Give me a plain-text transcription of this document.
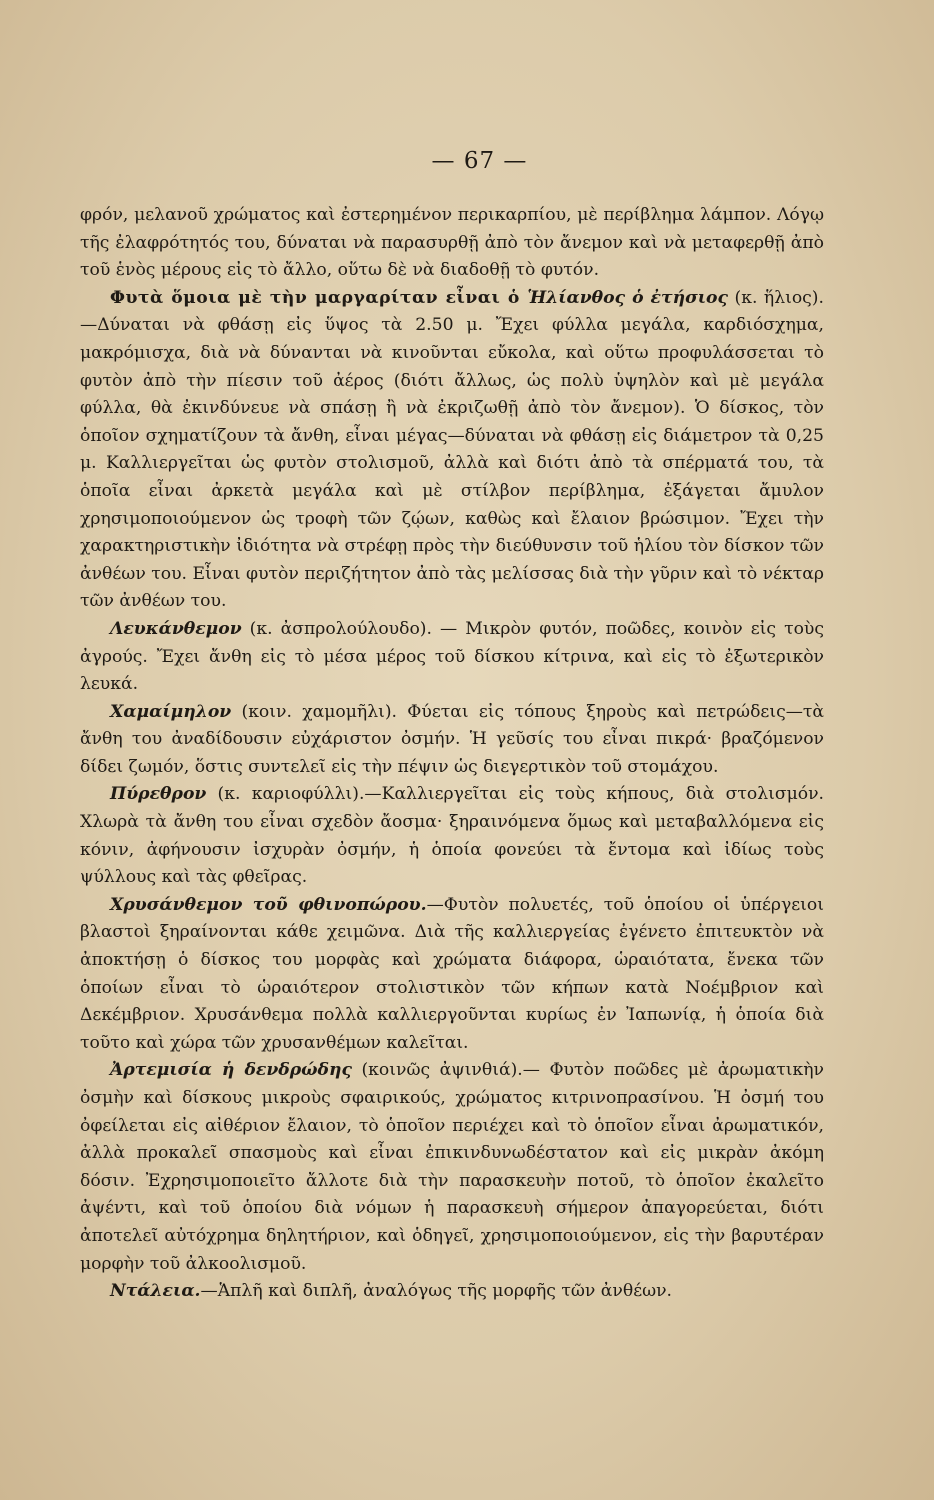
— 67 —

φρόν, μελανοῦ χρώματος καὶ ἐστερημένον περικαρπίου, μὲ περίβλημα λάμπον. Λόγῳ τῆς ἐλαφρότητός του, δύναται νὰ παρασυρθῇ ἀπὸ τὸν ἄνεμον καὶ νὰ μεταφερθῇ ἀπὸ τοῦ ἑνὸς μέρους εἰς τὸ ἄλλο, οὕτω δὲ νὰ διαδοθῇ τὸ φυτόν.

Φυτὰ ὅμοια μὲ τὴν μαργαρίταν εἶναι ὁ Ἡλίανθος ὁ ἐτήσιος (κ. ἥλιος).—Δύναται νὰ φθάσῃ εἰς ὕψος τὰ 2.50 μ. Ἔχει φύλλα μεγάλα, καρδιόσχημα, μακρόμισχα, διὰ νὰ δύνανται νὰ κινοῦνται εὔκολα, καὶ οὕτω προφυλάσσεται τὸ φυτὸν ἀπὸ τὴν πίεσιν τοῦ ἀέρος (διότι ἄλλως, ὡς πολὺ ὑψηλὸν καὶ μὲ μεγάλα φύλλα, θὰ ἐκινδύνευε νὰ σπάσῃ ἢ νὰ ἐκριζωθῇ ἀπὸ τὸν ἄνεμον). Ὁ δίσκος, τὸν ὁποῖον σχηματίζουν τὰ ἄνθη, εἶναι μέγας—δύναται νὰ φθάσῃ εἰς διάμετρον τὰ 0,25 μ. Καλλιεργεῖται ὡς φυτὸν στολισμοῦ, ἀλλὰ καὶ διότι ἀπὸ τὰ σπέρματά του, τὰ ὁποῖα εἶναι ἀρκετὰ μεγάλα καὶ μὲ στίλβον περίβλημα, ἐξάγεται ἄμυλον χρησιμοποιούμενον ὡς τροφὴ τῶν ζῴων, καθὼς καὶ ἔλαιον βρώσιμον. Ἔχει τὴν χαρακτηριστικὴν ἰδιότητα νὰ στρέφῃ πρὸς τὴν διεύθυνσιν τοῦ ἡλίου τὸν δίσκον τῶν ἀνθέων του. Εἶναι φυτὸν περιζήτητον ἀπὸ τὰς μελίσσας διὰ τὴν γῦριν καὶ τὸ νέκταρ τῶν ἀνθέων του.

Λευκάνθεμον (κ. ἀσπρολούλουδο). — Μικρὸν φυτόν, ποῶδες, κοινὸν εἰς τοὺς ἀγρούς. Ἔχει ἄνθη εἰς τὸ μέσα μέρος τοῦ δίσκου κίτρινα, καὶ εἰς τὸ ἐξωτερικὸν λευκά.

Χαμαίμηλον (κοιν. χαμομῆλι). Φύεται εἰς τόπους ξηροὺς καὶ πετρώδεις—τὰ ἄνθη του ἀναδίδουσιν εὐχάριστον ὀσμήν. Ἡ γεῦσίς του εἶναι πικρά· βραζόμενον δίδει ζωμόν, ὅστις συντελεῖ εἰς τὴν πέψιν ὡς διεγερτικὸν τοῦ στομάχου.

Πύρεθρον (κ. καριοφύλλι).—Καλλιεργεῖται εἰς τοὺς κήπους, διὰ στολισμόν. Χλωρὰ τὰ ἄνθη του εἶναι σχεδὸν ἄοσμα· ξηραινόμενα ὅμως καὶ μεταβαλλόμενα εἰς κόνιν, ἀφήνουσιν ἰσχυρὰν ὀσμήν, ἡ ὁποία φονεύει τὰ ἔντομα καὶ ἰδίως τοὺς ψύλλους καὶ τὰς φθεῖρας.

Χρυσάνθεμον τοῦ φθινοπώρου.—Φυτὸν πολυετές, τοῦ ὁποίου οἱ ὑπέργειοι βλαστοὶ ξηραίνονται κάθε χειμῶνα. Διὰ τῆς καλλιεργείας ἐγένετο ἐπιτευκτὸν νὰ ἀποκτήσῃ ὁ δίσκος του μορφὰς καὶ χρώματα διάφορα, ὡραιότατα, ἔνεκα τῶν ὁποίων εἶναι τὸ ὡραιότερον στολιστικὸν τῶν κήπων κατὰ Νοέμβριον καὶ Δεκέμβριον. Χρυσάνθεμα πολλὰ καλλιεργοῦνται κυρίως ἐν Ἰαπωνίᾳ, ἡ ὁποία διὰ τοῦτο καὶ χώρα τῶν χρυσανθέμων καλεῖται.

Ἀρτεμισία ἡ δενδρώδης (κοινῶς ἀψινθιά).— Φυτὸν ποῶδες μὲ ἀρωματικὴν ὀσμὴν καὶ δίσκους μικροὺς σφαιρικούς, χρώματος κιτρινοπρασίνου. Ἡ ὀσμή του ὀφείλεται εἰς αἰθέριον ἔλαιον, τὸ ὁποῖον περιέχει καὶ τὸ ὁποῖον εἶναι ἀρωματικόν, ἀλλὰ προκαλεῖ σπασμοὺς καὶ εἶναι ἐπικινδυνωδέστατον καὶ εἰς μικρὰν ἀκόμη δόσιν. Ἐχρησιμοποιεῖτο ἄλλοτε διὰ τὴν παρασκευὴν ποτοῦ, τὸ ὁποῖον ἐκαλεῖτο ἀψέντι, καὶ τοῦ ὁποίου διὰ νόμων ἡ παρασκευὴ σήμερον ἀπαγορεύεται, διότι ἀποτελεῖ αὐτόχρημα δηλητήριον, καὶ ὁδηγεῖ, χρησιμοποιούμενον, εἰς τὴν βαρυτέραν μορφὴν τοῦ ἀλκοολισμοῦ.

Ντάλεια.—Ἁπλῆ καὶ διπλῆ, ἀναλόγως τῆς μορφῆς τῶν ἀνθέων.
